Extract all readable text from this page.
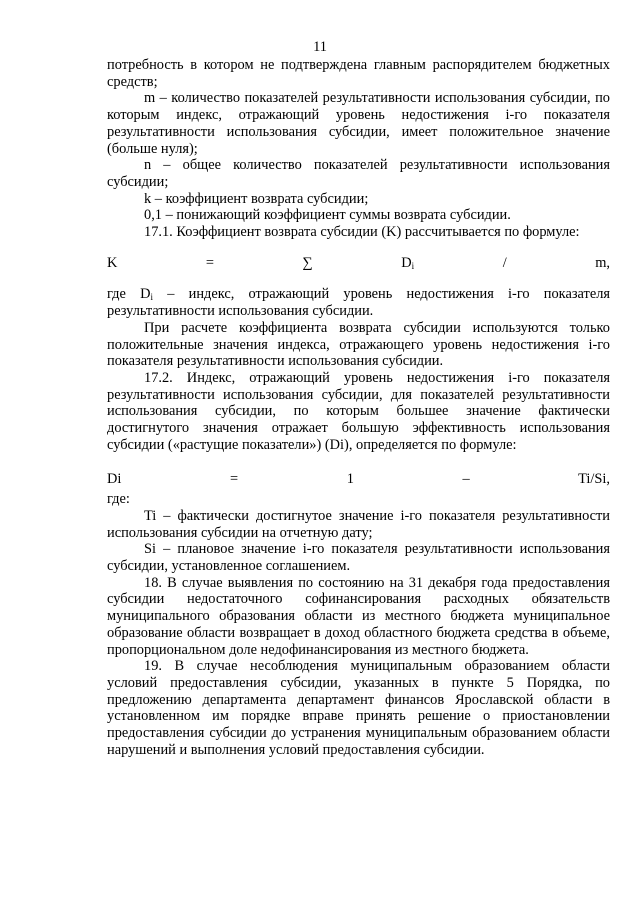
11

потребность в котором не подтверждена главным распорядителем бюджетных средств;

m – количество показателей результативности использования субсидии, по которым индекс, отражающий уровень недостижения i-го показателя результативности использования субсидии, имеет положительное значение (больше нуля);

n – общее количество показателей результативности использования субсидии;

k – коэффициент возврата субсидии;

0,1 – понижающий коэффициент суммы возврата субсидии.

17.1. Коэффициент возврата субсидии (K) рассчитывается по формуле:

K = ∑ $D_i$ / m,

где $D_i$ – индекс, отражающий уровень недостижения i-го показателя результативности использования субсидии.

При расчете коэффициента возврата субсидии используются только положительные значения индекса, отражающего уровень недостижения i-го показателя результативности использования субсидии.

17.2. Индекс, отражающий уровень недостижения i-го показателя результативности использования субсидии, для показателей результативности использования субсидии, по которым большее значение фактически достигнутого значения отражает большую эффективность использования субсидии («растущие показатели») (Di), определяется по формуле:

Di = 1 – Ti/Si,

где:

Ti – фактически достигнутое значение i-го показателя результативности использования субсидии на отчетную дату;

Si – плановое значение i-го показателя результативности использования субсидии, установленное соглашением.

18. В случае выявления по состоянию на 31 декабря года предоставления субсидии недостаточного софинансирования расходных обязательств муниципального образования области из местного бюджета муниципальное образование области возвращает в доход областного бюджета средства в объеме, пропорциональном доле недофинансирования из местного бюджета.

19. В случае несоблюдения муниципальным образованием области условий предоставления субсидии, указанных в пункте 5 Порядка, по предложению департамента департамент финансов Ярославской области в установленном им порядке вправе принять решение о приостановлении предоставления субсидии до устранения муниципальным образованием области нарушений и выполнения условий предоставления субсидии.
